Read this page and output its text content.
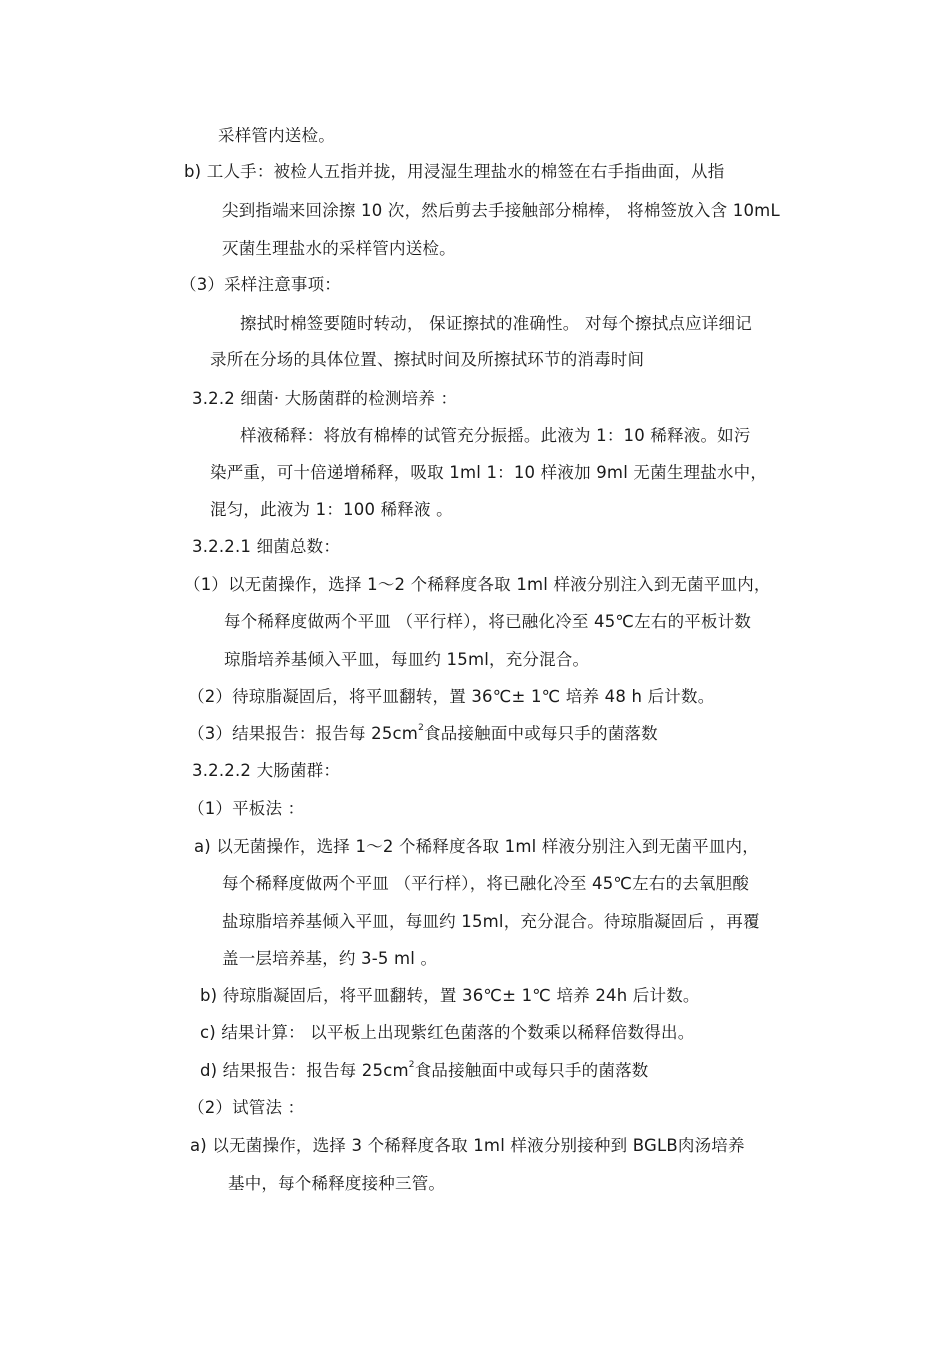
采样管内送检。
b) 工人手：被检人五指并拢，用浸湿生理盐水的棉签在右手指曲面，从指
尖到指端来回涂擦 10 次，然后剪去手接触部分棉棒， 将棉签放入含 10mL
灭菌生理盐水的采样管内送检。
（3）采样注意事项：
擦拭时棉签要随时转动， 保证擦拭的准确性。 对每个擦拭点应详细记
录所在分场的具体位置、擦拭时间及所擦拭环节的消毒时间
3.2.2 细菌· 大肠菌群的检测培养 ：
样液稀释：将放有棉棒的试管充分振摇。此液为 1：10 稀释液。如污
染严重，可十倍递增稀释，吸取 1ml 1：10 样液加 9ml 无菌生理盐水中，
混匀，此液为 1：100 稀释液 。
3.2.2.1 细菌总数：
（1）以无菌操作，选择 1～2 个稀释度各取 1ml 样液分别注入到无菌平皿内，
每个稀释度做两个平皿 （平行样），将已融化冷至 45℃左右的平板计数
琼脂培养基倾入平皿，每皿约 15ml，充分混合。
（2）待琼脂凝固后，将平皿翻转，置 36℃± 1℃ 培养 48 h 后计数。
（3）结果报告：报告每 $25cm^2$食品接触面中或每只手的菌落数
3.2.2.2 大肠菌群：
（1）平板法 ：
a) 以无菌操作，选择 1～2 个稀释度各取 1ml 样液分别注入到无菌平皿内，
每个稀释度做两个平皿 （平行样），将已融化冷至 45℃左右的去氧胆酸
盐琼脂培养基倾入平皿，每皿约 15ml，充分混合。待琼脂凝固后 ，再覆
盖一层培养基，约 3-5 ml 。
b) 待琼脂凝固后，将平皿翻转，置 36℃± 1℃ 培养 24h 后计数。
c) 结果计算： 以平板上出现紫红色菌落的个数乘以稀释倍数得出。
d) 结果报告：报告每 $25cm^2$食品接触面中或每只手的菌落数
（2）试管法 ：
a) 以无菌操作，选择 3 个稀释度各取 1ml 样液分别接种到 BGLB肉汤培养
基中，每个稀释度接种三管。
